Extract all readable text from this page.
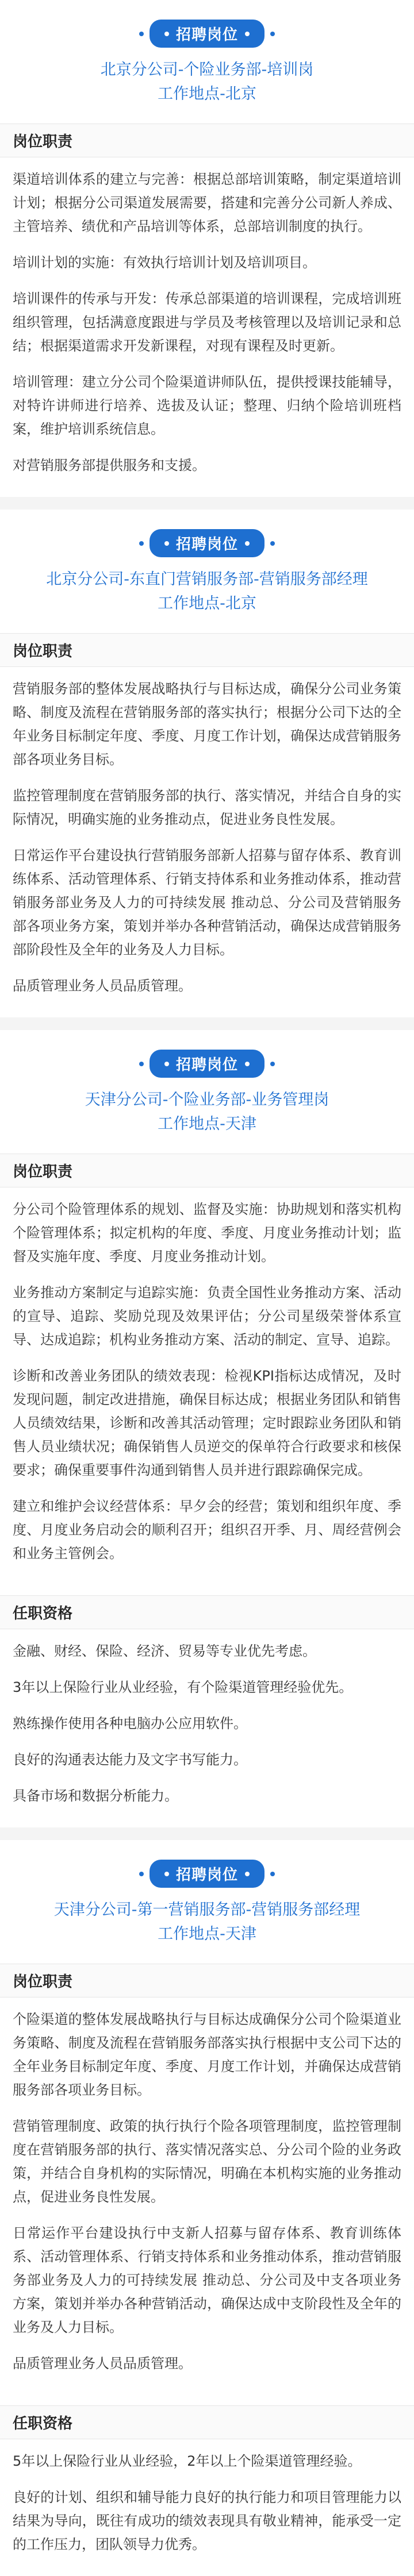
招聘岗位
北京分公司-个险业务部-培训岗
工作地点-北京
岗位职责

渠道培训体系的建立与完善：根据总部培训策略，制定渠道培训计划；根据分公司渠道发展需要，搭建和完善分公司新人养成、主管培养、绩优和产品培训等体系，总部培训制度的执行。

培训计划的实施：有效执行培训计划及培训项目。

培训课件的传承与开发：传承总部渠道的培训课程，完成培训班组织管理，包括满意度跟进与学员及考核管理以及培训记录和总结；根据渠道需求开发新课程，对现有课程及时更新。

培训管理：建立分公司个险渠道讲师队伍，提供授课技能辅导，对特许讲师进行培养、选拔及认证；整理、归纳个险培训班档案，维护培训系统信息。

对营销服务部提供服务和支援。

招聘岗位
北京分公司-东直门营销服务部-营销服务部经理
工作地点-北京
岗位职责

营销服务部的整体发展战略执行与目标达成，确保分公司业务策略、制度及流程在营销服务部的落实执行；根据分公司下达的全年业务目标制定年度、季度、月度工作计划，确保达成营销服务部各项业务目标。

监控管理制度在营销服务部的执行、落实情况，并结合自身的实际情况，明确实施的业务推动点，促进业务良性发展。

日常运作平台建设执行营销服务部新人招募与留存体系、教育训练体系、活动管理体系、行销支持体系和业务推动体系，推动营销服务部业务及人力的可持续发展 推动总、分公司及营销服务部各项业务方案，策划并举办各种营销活动，确保达成营销服务部阶段性及全年的业务及人力目标。

品质管理业务人员品质管理。

招聘岗位
天津分公司-个险业务部-业务管理岗
工作地点-天津
岗位职责

分公司个险管理体系的规划、监督及实施：协助规划和落实机构个险管理体系；拟定机构的年度、季度、月度业务推动计划；监督及实施年度、季度、月度业务推动计划。

业务推动方案制定与追踪实施：负责全国性业务推动方案、活动的宣导、追踪、奖励兑现及效果评估；分公司星级荣誉体系宣导、达成追踪；机构业务推动方案、活动的制定、宣导、追踪。

诊断和改善业务团队的绩效表现：检视KPI指标达成情况，及时发现问题，制定改进措施，确保目标达成；根据业务团队和销售人员绩效结果，诊断和改善其活动管理；定时跟踪业务团队和销售人员业绩状况；确保销售人员逆交的保单符合行政要求和核保要求；确保重要事件沟通到销售人员并进行跟踪确保完成。

建立和维护会议经营体系：早夕会的经营；策划和组织年度、季度、月度业务启动会的顺利召开；组织召开季、月、周经营例会和业务主管例会。

任职资格

金融、财经、保险、经济、贸易等专业优先考虑。

3年以上保险行业从业经验，有个险渠道管理经验优先。

熟练操作使用各种电脑办公应用软件。

良好的沟通表达能力及文字书写能力。

具备市场和数据分析能力。

招聘岗位
天津分公司-第一营销服务部-营销服务部经理
工作地点-天津
岗位职责

个险渠道的整体发展战略执行与目标达成确保分公司个险渠道业务策略、制度及流程在营销服务部落实执行根据中支公司下达的全年业务目标制定年度、季度、月度工作计划，并确保达成营销服务部各项业务目标。

营销管理制度、政策的执行执行个险各项管理制度，监控管理制度在营销服务部的执行、落实情况落实总、分公司个险的业务政策，并结合自身机构的实际情况，明确在本机构实施的业务推动点，促进业务良性发展。

日常运作平台建设执行中支新人招募与留存体系、教育训练体系、活动管理体系、行销支持体系和业务推动体系，推动营销服务部业务及人力的可持续发展 推动总、分公司及中支各项业务方案，策划并举办各种营销活动，确保达成中支阶段性及全年的业务及人力目标。

品质管理业务人员品质管理。

任职资格

5年以上保险行业从业经验，2年以上个险渠道管理经验。

良好的计划、组织和辅导能力良好的执行能力和项目管理能力以结果为导向，既往有成功的绩效表现具有敬业精神，能承受一定的工作压力，团队领导力优秀。
